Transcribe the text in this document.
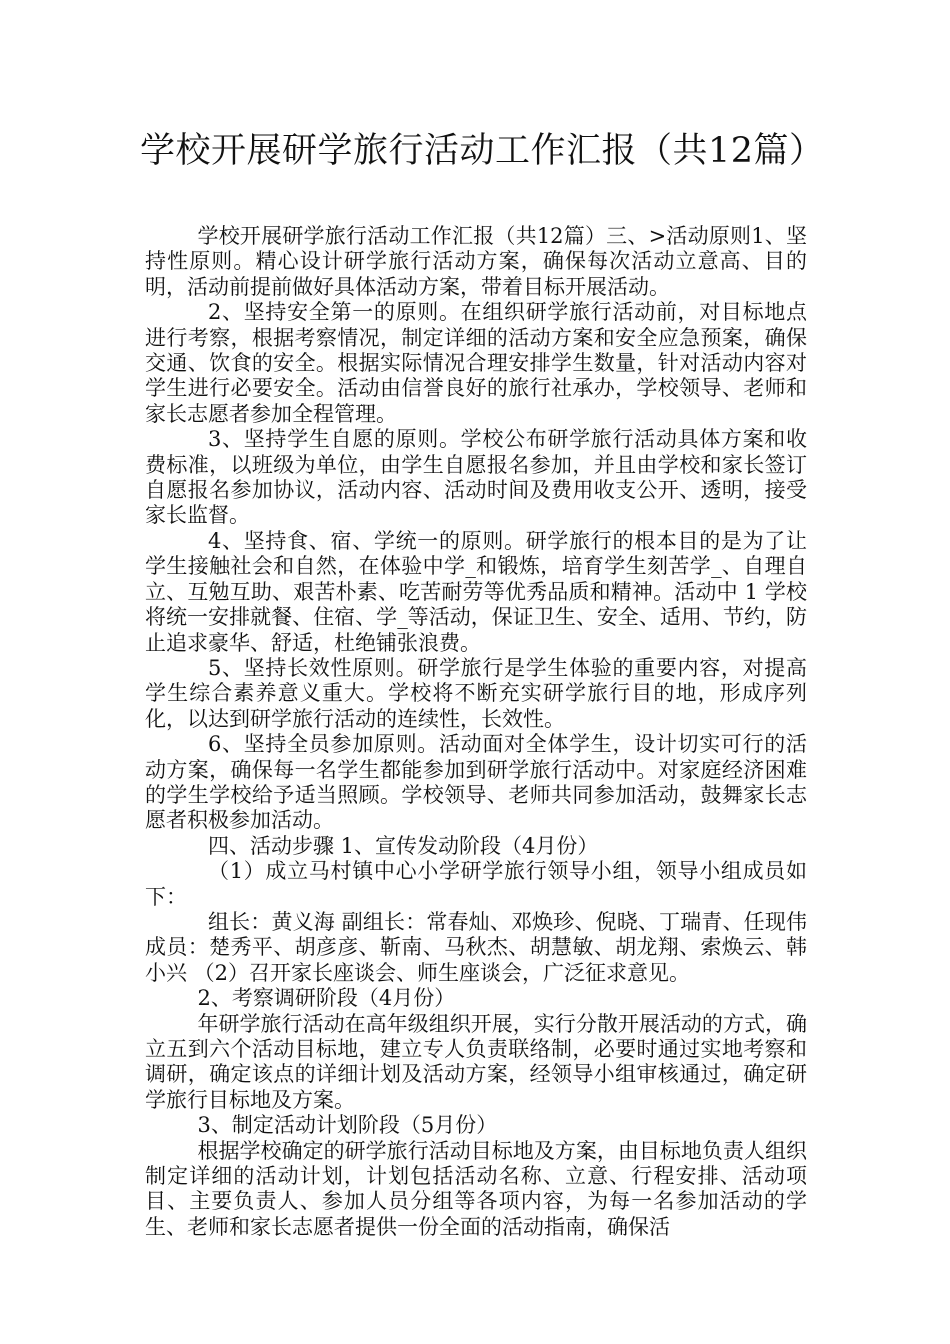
学校开展研学旅行活动工作汇报（共12篇）

学校开展研学旅行活动工作汇报（共12篇）三、>活动原则1、坚持性原则。精心设计研学旅行活动方案，确保每次活动立意高、目的明，活动前提前做好具体活动方案，带着目标开展活动。

2、坚持安全第一的原则。在组织研学旅行活动前，对目标地点进行考察，根据考察情况，制定详细的活动方案和安全应急预案，确保交通、饮食的安全。根据实际情况合理安排学生数量，针对活动内容对学生进行必要安全。活动由信誉良好的旅行社承办，学校领导、老师和家长志愿者参加全程管理。

3、坚持学生自愿的原则。学校公布研学旅行活动具体方案和收费标准，以班级为单位，由学生自愿报名参加，并且由学校和家长签订自愿报名参加协议，活动内容、活动时间及费用收支公开、透明，接受家长监督。

4、坚持食、宿、学统一的原则。研学旅行的根本目的是为了让学生接触社会和自然，在体验中学_和锻炼，培育学生刻苦学_、自理自立、互勉互助、艰苦朴素、吃苦耐劳等优秀品质和精神。活动中 1 学校将统一安排就餐、住宿、学_等活动，保证卫生、安全、适用、节约，防止追求豪华、舒适，杜绝铺张浪费。

5、坚持长效性原则。研学旅行是学生体验的重要内容，对提高学生综合素养意义重大。学校将不断充实研学旅行目的地，形成序列化，以达到研学旅行活动的连续性，长效性。

6、坚持全员参加原则。活动面对全体学生，设计切实可行的活动方案，确保每一名学生都能参加到研学旅行活动中。对家庭经济困难的学生学校给予适当照顾。学校领导、老师共同参加活动，鼓舞家长志愿者积极参加活动。

四、活动步骤 1、宣传发动阶段（4月份）

（1）成立马村镇中心小学研学旅行领导小组，领导小组成员如下：

组长：黄义海 副组长：常春灿、邓焕珍、倪晓、丁瑞青、任现伟 成员：楚秀平、胡彦彦、靳南、马秋杰、胡慧敏、胡龙翔、索焕云、韩小兴 （2）召开家长座谈会、师生座谈会，广泛征求意见。

2、考察调研阶段（4月份）

年研学旅行活动在高年级组织开展，实行分散开展活动的方式，确立五到六个活动目标地，建立专人负责联络制，必要时通过实地考察和调研，确定该点的详细计划及活动方案，经领导小组审核通过，确定研学旅行目标地及方案。

3、制定活动计划阶段（5月份）

根据学校确定的研学旅行活动目标地及方案，由目标地负责人组织制定详细的活动计划，计划包括活动名称、立意、行程安排、活动项目、主要负责人、参加人员分组等各项内容，为每一名参加活动的学生、老师和家长志愿者提供一份全面的活动指南，确保活
